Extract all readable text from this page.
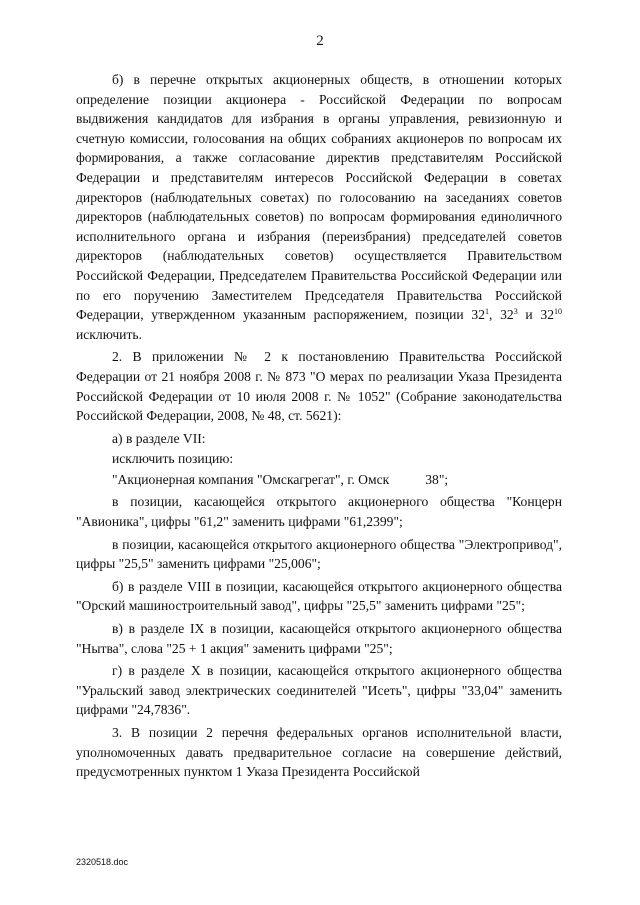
2

б) в перечне открытых акционерных обществ, в отношении которых определение позиции акционера - Российской Федерации по вопросам выдвижения кандидатов для избрания в органы управления, ревизионную и счетную комиссии, голосования на общих собраниях акционеров по вопросам их формирования, а также согласование директив представителям Российской Федерации и представителям интересов Российской Федерации в советах директоров (наблюдательных советах) по голосованию на заседаниях советов директоров (наблюдательных советов) по вопросам формирования единоличного исполнительного органа и избрания (переизбрания) председателей советов директоров (наблюдательных советов) осуществляется Правительством Российской Федерации, Председателем Правительства Российской Федерации или по его поручению Заместителем Председателя Правительства Российской Федерации, утвержденном указанным распоряжением, позиции $32^1$, $32^3$ и $32^{10}$ исключить.

2. В приложении № 2 к постановлению Правительства Российской Федерации от 21 ноября 2008 г. № 873 "О мерах по реализации Указа Президента Российской Федерации от 10 июля 2008 г. № 1052" (Собрание законодательства Российской Федерации, 2008, № 48, ст. 5621):

а) в разделе VII:

исключить позицию:

"Акционерная компания "Омскагрегат", г. Омск	38";

в позиции, касающейся открытого акционерного общества "Концерн "Авионика", цифры "61,2" заменить цифрами "61,2399";

в позиции, касающейся открытого акционерного общества "Электропривод", цифры "25,5" заменить цифрами "25,006";

б) в разделе VIII в позиции, касающейся открытого акционерного общества "Орский машиностроительный завод", цифры "25,5" заменить цифрами "25";

в) в разделе IX в позиции, касающейся открытого акционерного общества "Нытва", слова "25 + 1 акция" заменить цифрами "25";

г) в разделе X в позиции, касающейся открытого акционерного общества "Уральский завод электрических соединителей "Исеть", цифры "33,04" заменить цифрами "24,7836".

3. В позиции 2 перечня федеральных органов исполнительной власти, уполномоченных давать предварительное согласие на совершение действий, предусмотренных пунктом 1 Указа Президента Российской

2320518.doc
